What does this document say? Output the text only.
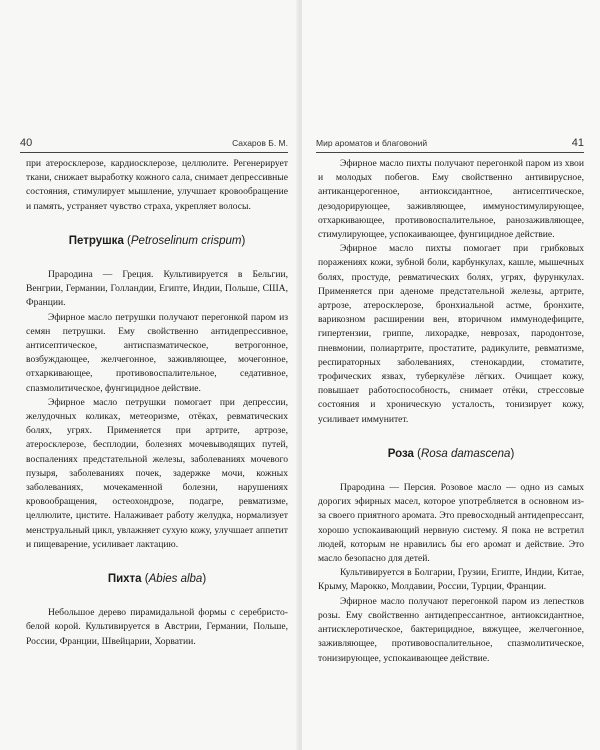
40	Сахаров Б. М.

при атеросклерозе, кардиосклерозе, целлюлите. Регенерирует ткани, снижает выработку кожного сала, снимает депрессивные состояния, стимулирует мышление, улучшает кровообращение и память, устраняет чувство страха, укрепляет волосы.

Петрушка (Petroselinum crispum)

Прародина — Греция. Культивируется в Бельгии, Венгрии, Германии, Голландии, Египте, Индии, Польше, США, Франции.

Эфирное масло петрушки получают перегонкой паром из семян петрушки. Ему свойственно антидепрессивное, антисептическое, антиспазматическое, ветрогонное, возбуждающее, желчегонное, заживляющее, мочегонное, отхаркивающее, противовоспалительное, седативное, спазмолитическое, фунгицидное действие.

Эфирное масло петрушки помогает при депрессии, желудочных коликах, метеоризме, отёках, ревматических болях, угрях. Применяется при артрите, артрозе, атеросклерозе, бесплодии, болезнях мочевыводящих путей, воспалениях предстательной железы, заболеваниях мочевого пузыря, заболеваниях почек, задержке мочи, кожных заболеваниях, мочекаменной болезни, нарушениях кровообращения, остеохондрозе, подагре, ревматизме, целлюлите, цистите. Налаживает работу желудка, нормализует менструальный цикл, увлажняет сухую кожу, улучшает аппетит и пищеварение, усиливает лактацию.

Пихта (Abies alba)

Небольшое дерево пирамидальной формы с серебристо-белой корой. Культивируется в Австрии, Германии, Польше, России, Франции, Швейцарии, Хорватии.

Мир ароматов и благовоний	41

Эфирное масло пихты получают перегонкой паром из хвои и молодых побегов. Ему свойственно антивирусное, антиканцерогенное, антиоксидантное, антисептическое, дезодорирующее, заживляющее, иммуностимулирующее, отхаркивающее, противовоспалительное, ранозаживляющее, стимулирующее, успокаивающее, фунгицидное действие.

Эфирное масло пихты помогает при грибковых поражениях кожи, зубной боли, карбункулах, кашле, мышечных болях, простуде, ревматических болях, угрях, фурункулах. Применяется при аденоме предстательной железы, артрите, артрозе, атеросклерозе, бронхиальной астме, бронхите, варикозном расширении вен, вторичном иммунодефиците, гипертензии, гриппе, лихорадке, неврозах, пародонтозе, пневмонии, полиартрите, простатите, радикулите, ревматизме, респираторных заболеваниях, стенокардии, стоматите, трофических язвах, туберкулёзе лёгких. Очищает кожу, повышает работоспособность, снимает отёки, стрессовые состояния и хроническую усталость, тонизирует кожу, усиливает иммунитет.

Роза (Rosa damascena)

Прародина — Персия. Розовое масло — одно из самых дорогих эфирных масел, которое употребляется в основном из-за своего приятного аромата. Это превосходный антидепрессант, хорошо успокаивающий нервную систему. Я пока не встретил людей, которым не нравились бы его аромат и действие. Это масло безопасно для детей.

Культивируется в Болгарии, Грузии, Египте, Индии, Китае, Крыму, Марокко, Молдавии, России, Турции, Франции.

Эфирное масло получают перегонкой паром из лепестков розы. Ему свойственно антидепрессантное, антиоксидантное, антисклеротическое, бактерицидное, вяжущее, желчегонное, заживляющее, противовоспалительное, спазмолитическое, тонизирующее, успокаивающее действие.
